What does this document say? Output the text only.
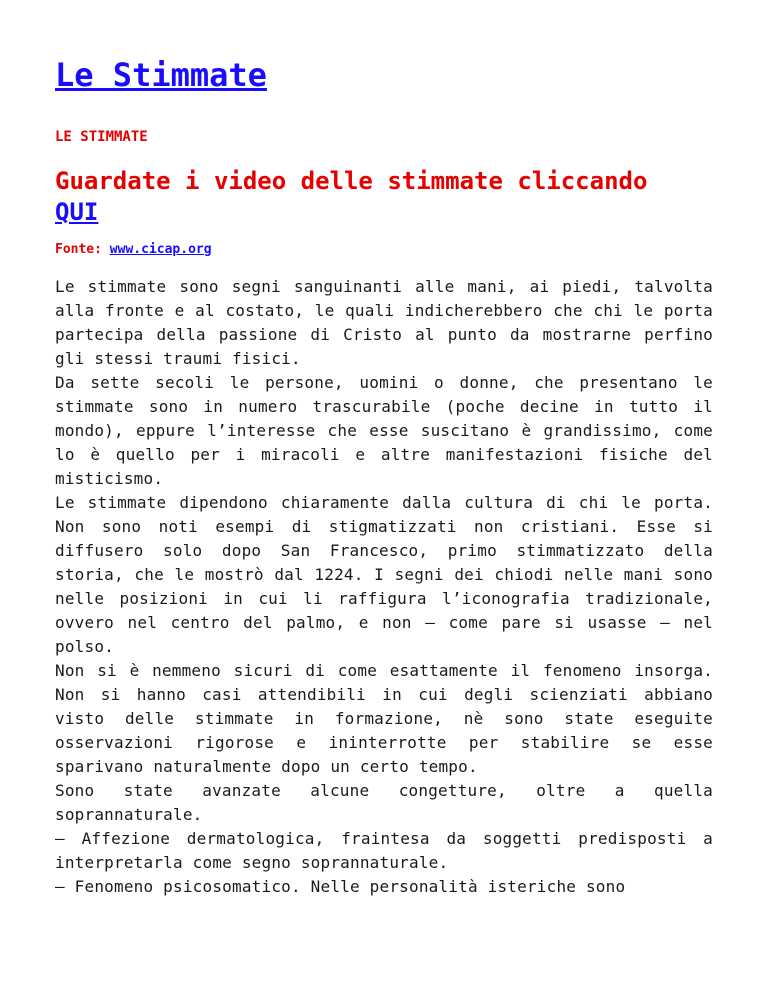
Le Stimmate
LE STIMMATE
Guardate i video delle stimmate cliccando
QUI
Fonte: www.cicap.org

Le stimmate sono segni sanguinanti alle mani, ai piedi, talvolta alla fronte e al costato, le quali indicherebbero che chi le porta partecipa della passione di Cristo al punto da mostrarne perfino gli stessi traumi fisici.

Da sette secoli le persone, uomini o donne, che presentano le stimmate sono in numero trascurabile (poche decine in tutto il mondo), eppure l’interesse che esse suscitano è grandissimo, come lo è quello per i miracoli e altre manifestazioni fisiche del misticismo.

Le stimmate dipendono chiaramente dalla cultura di chi le porta. Non sono noti esempi di stigmatizzati non cristiani. Esse si diffusero solo dopo San Francesco, primo stimmatizzato della storia, che le mostrò dal 1224. I segni dei chiodi nelle mani sono nelle posizioni in cui li raffigura l’iconografia tradizionale, ovvero nel centro del palmo, e non – come pare si usasse – nel polso.

Non si è nemmeno sicuri di come esattamente il fenomeno insorga. Non si hanno casi attendibili in cui degli scienziati abbiano visto delle stimmate in formazione, nè sono state eseguite osservazioni rigorose e ininterrotte per stabilire se esse sparivano naturalmente dopo un certo tempo.

Sono state avanzate alcune congetture, oltre a quella soprannaturale.

– Affezione dermatologica, fraintesa da soggetti predisposti a interpretarla come segno soprannaturale.

– Fenomeno psicosomatico. Nelle personalità isteriche sono
